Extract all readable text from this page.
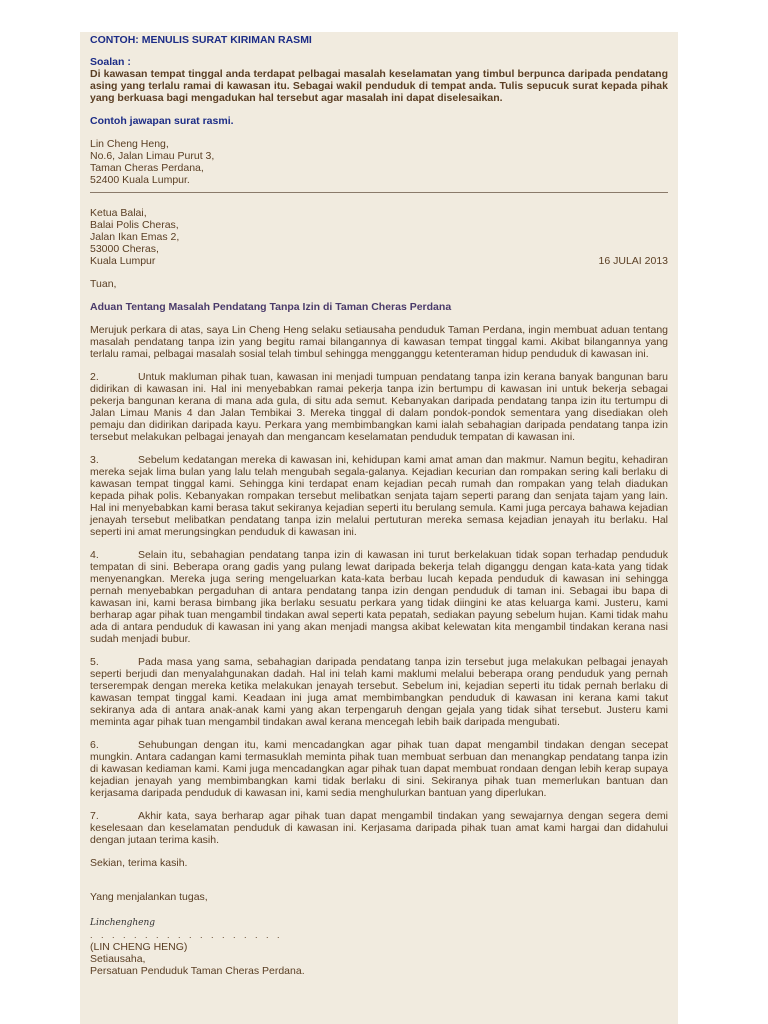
CONTOH: MENULIS SURAT KIRIMAN RASMI
Soalan :
Di kawasan tempat tinggal anda terdapat pelbagai masalah keselamatan yang timbul berpunca daripada pendatang asing yang terlalu ramai di kawasan itu. Sebagai wakil penduduk di tempat anda. Tulis sepucuk surat kepada pihak yang berkuasa bagi mengadukan hal tersebut agar masalah ini dapat diselesaikan.
Contoh jawapan surat rasmi.
Lin Cheng Heng,
No.6, Jalan Limau Purut 3,
Taman Cheras Perdana,
52400 Kuala Lumpur.
Ketua Balai,
Balai Polis Cheras,
Jalan Ikan Emas 2,
53000 Cheras,
Kuala Lumpur	16 JULAI 2013
Tuan,
Aduan Tentang Masalah Pendatang Tanpa Izin di Taman Cheras Perdana
Merujuk perkara di atas, saya Lin Cheng Heng selaku setiausaha penduduk Taman Perdana, ingin membuat aduan tentang masalah pendatang tanpa izin yang begitu ramai bilangannya di kawasan tempat tinggal kami. Akibat bilangannya yang terlalu ramai, pelbagai masalah sosial telah timbul sehingga mengganggu ketenteraman hidup penduduk di kawasan ini.
2.	Untuk makluman pihak tuan, kawasan ini menjadi tumpuan pendatang tanpa izin kerana banyak bangunan baru didirikan di kawasan ini. Hal ini menyebabkan ramai pekerja tanpa izin bertumpu di kawasan ini untuk bekerja sebagai pekerja bangunan kerana di mana ada gula, di situ ada semut. Kebanyakan daripada pendatang tanpa izin itu tertumpu di Jalan Limau Manis 4 dan Jalan Tembikai 3. Mereka tinggal di dalam pondok-pondok sementara yang disediakan oleh pemaju dan didirikan daripada kayu. Perkara yang membimbangkan kami ialah sebahagian daripada pendatang tanpa izin tersebut melakukan pelbagai jenayah dan mengancam keselamatan penduduk tempatan di kawasan ini.
3.	Sebelum kedatangan mereka di kawasan ini, kehidupan kami amat aman dan makmur. Namun begitu, kehadiran mereka sejak lima bulan yang lalu telah mengubah segala-galanya. Kejadian kecurian dan rompakan sering kali berlaku di kawasan tempat tinggal kami. Sehingga kini terdapat enam kejadian pecah rumah dan rompakan yang telah diadukan kepada pihak polis. Kebanyakan rompakan tersebut melibatkan senjata tajam seperti parang dan senjata tajam yang lain. Hal ini menyebabkan kami berasa takut sekiranya kejadian seperti itu berulang semula. Kami juga percaya bahawa kejadian jenayah tersebut melibatkan pendatang tanpa izin melalui pertuturan mereka semasa kejadian jenayah itu berlaku. Hal seperti ini amat merungsingkan penduduk di kawasan ini.
4.	Selain itu, sebahagian pendatang tanpa izin di kawasan ini turut berkelakuan tidak sopan terhadap penduduk tempatan di sini. Beberapa orang gadis yang pulang lewat daripada bekerja telah diganggu dengan kata-kata yang tidak menyenangkan. Mereka juga sering mengeluarkan kata-kata berbau lucah kepada penduduk di kawasan ini sehingga pernah menyebabkan pergaduhan di antara pendatang tanpa izin dengan penduduk di taman ini. Sebagai ibu bapa di kawasan ini, kami berasa bimbang jika berlaku sesuatu perkara yang tidak diingini ke atas keluarga kami. Justeru, kami berharap agar pihak tuan mengambil tindakan awal seperti kata pepatah, sediakan payung sebelum hujan. Kami tidak mahu ada di antara penduduk di kawasan ini yang akan menjadi mangsa akibat kelewatan kita mengambil tindakan kerana nasi sudah menjadi bubur.
5.	Pada masa yang sama, sebahagian daripada pendatang tanpa izin tersebut juga melakukan pelbagai jenayah seperti berjudi dan menyalahgunakan dadah. Hal ini telah kami maklumi melalui beberapa orang penduduk yang pernah terserempak dengan mereka ketika melakukan jenayah tersebut. Sebelum ini, kejadian seperti itu tidak pernah berlaku di kawasan tempat tinggal kami. Keadaan ini juga amat membimbangkan penduduk di kawasan ini kerana kami takut sekiranya ada di antara anak-anak kami yang akan terpengaruh dengan gejala yang tidak sihat tersebut. Justeru kami meminta agar pihak tuan mengambil tindakan awal kerana mencegah lebih baik daripada mengubati.
6.	Sehubungan dengan itu, kami mencadangkan agar pihak tuan dapat mengambil tindakan dengan secepat mungkin. Antara cadangan kami termasuklah meminta pihak tuan membuat serbuan dan menangkap pendatang tanpa izin di kawasan kediaman kami. Kami juga mencadangkan agar pihak tuan dapat membuat rondaan dengan lebih kerap supaya kejadian jenayah yang membimbangkan kami tidak berlaku di sini. Sekiranya pihak tuan memerlukan bantuan dan kerjasama daripada penduduk di kawasan ini, kami sedia menghulurkan bantuan yang diperlukan.
7.	Akhir kata, saya berharap agar pihak tuan dapat mengambil tindakan yang sewajarnya dengan segera demi keselesaan dan keselamatan penduduk di kawasan ini. Kerjasama daripada pihak tuan amat kami hargai dan didahului dengan jutaan terima kasih.
Sekian, terima kasih.
Yang menjalankan tugas,
Linchengheng
. . . . . . . . . . . . . . . . . .
(LIN CHENG HENG)
Setiausaha,
Persatuan Penduduk Taman Cheras Perdana.
